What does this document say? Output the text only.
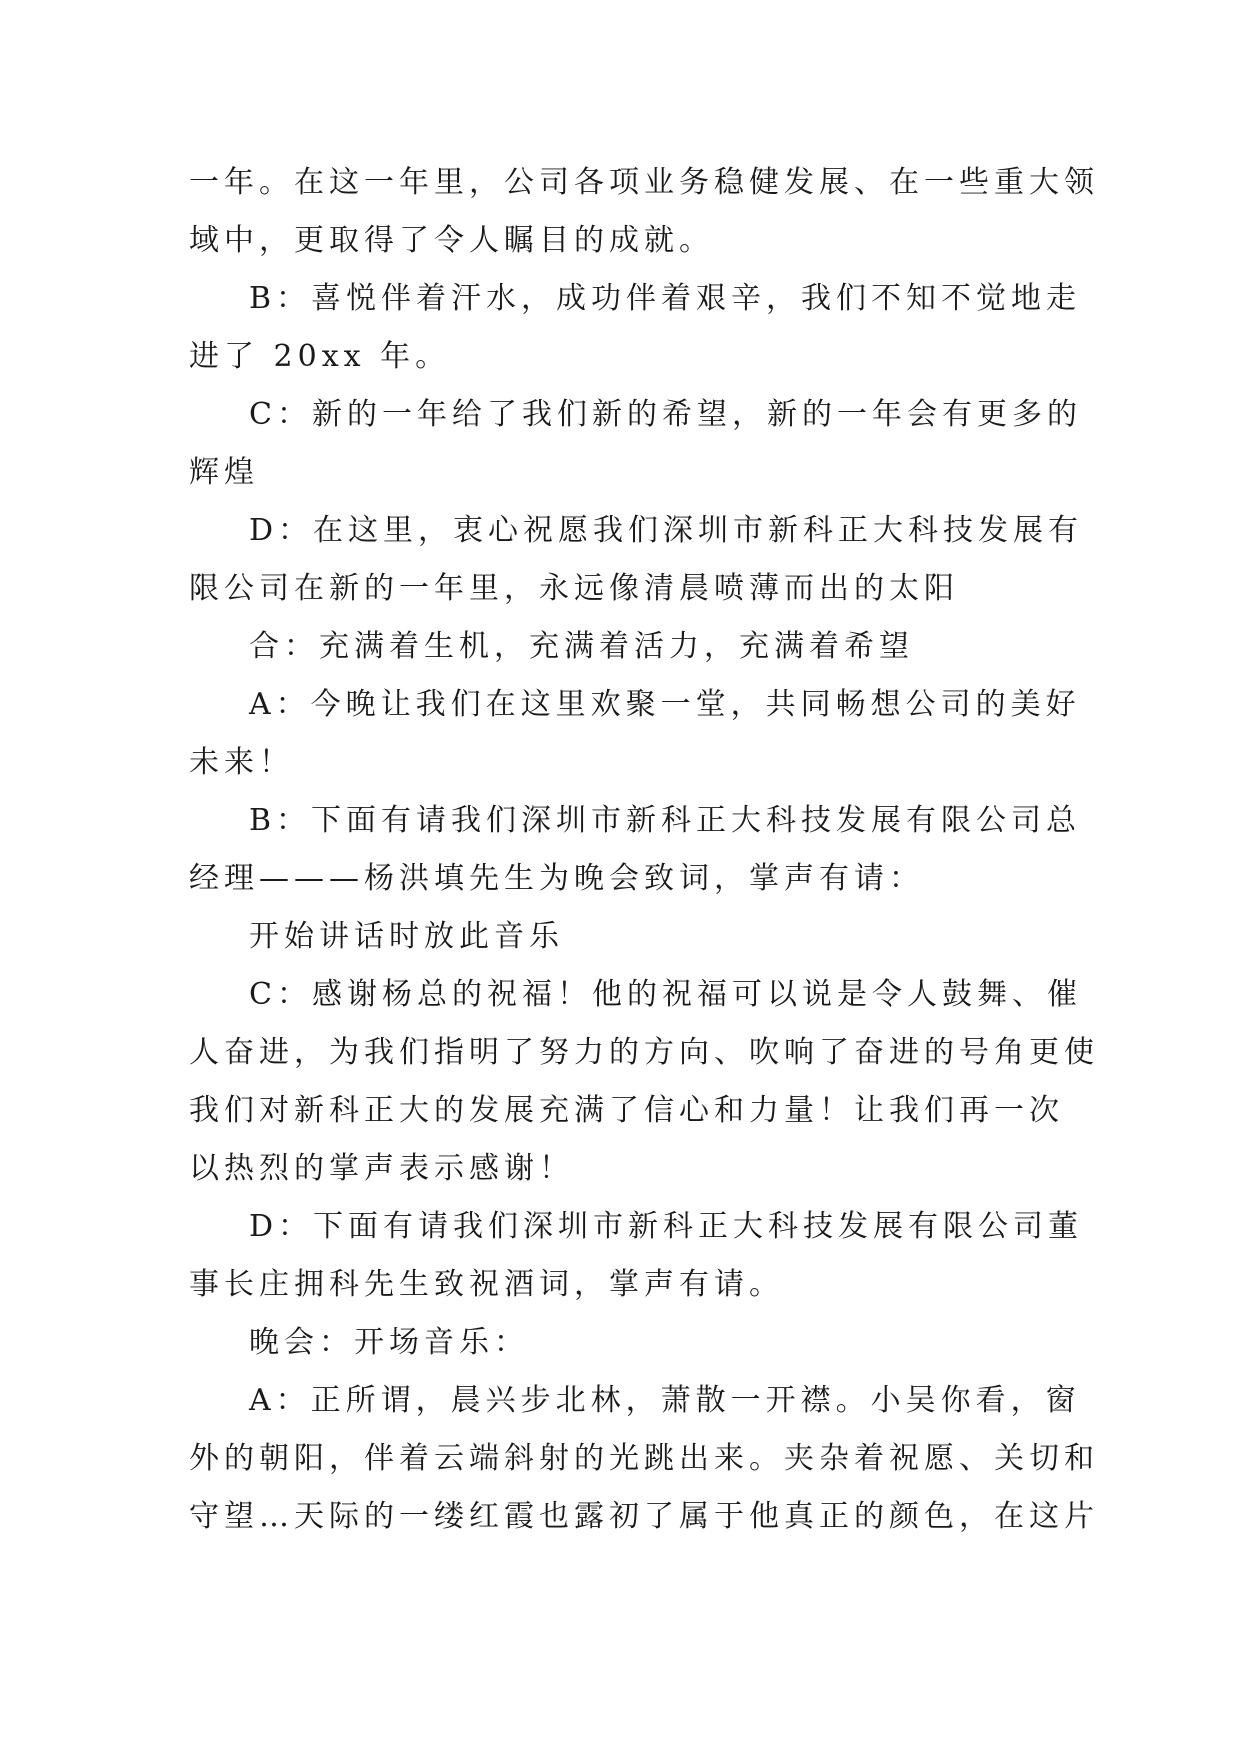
一年。在这一年里，公司各项业务稳健发展、在一些重大领
域中，更取得了令人瞩目的成就。
B：喜悦伴着汗水，成功伴着艰辛，我们不知不觉地走
进了 20xx 年。
C：新的一年给了我们新的希望，新的一年会有更多的
辉煌
D：在这里，衷心祝愿我们深圳市新科正大科技发展有
限公司在新的一年里，永远像清晨喷薄而出的太阳
合：充满着生机，充满着活力，充满着希望
A：今晚让我们在这里欢聚一堂，共同畅想公司的美好
未来！
B：下面有请我们深圳市新科正大科技发展有限公司总
经理———杨洪填先生为晚会致词，掌声有请：
开始讲话时放此音乐
C：感谢杨总的祝福！他的祝福可以说是令人鼓舞、催
人奋进，为我们指明了努力的方向、吹响了奋进的号角更使
我们对新科正大的发展充满了信心和力量！让我们再一次
以热烈的掌声表示感谢！
D：下面有请我们深圳市新科正大科技发展有限公司董
事长庄拥科先生致祝酒词，掌声有请。
晚会：开场音乐：
A：正所谓，晨兴步北林，萧散一开襟。小吴你看，窗
外的朝阳，伴着云端斜射的光跳出来。夹杂着祝愿、关切和
守望…天际的一缕红霞也露初了属于他真正的颜色，在这片
